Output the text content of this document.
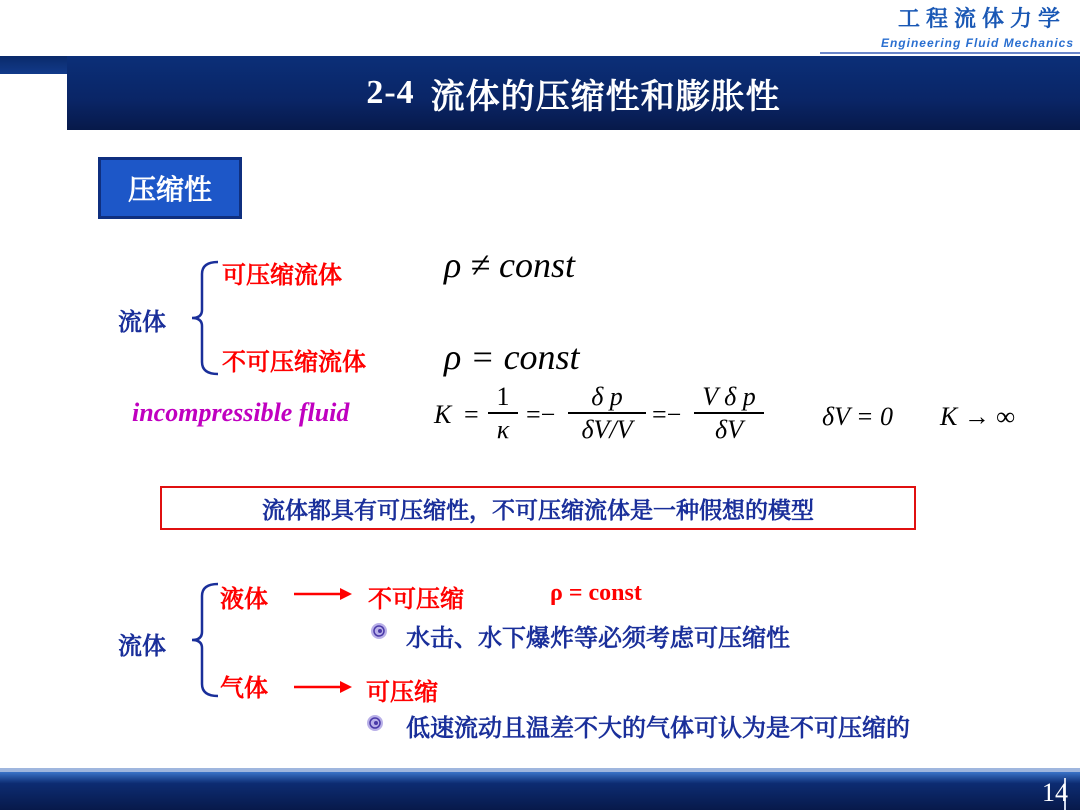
工程流体力学
Engineering Fluid Mechanics
2-4 流体的压缩性和膨胀性
压缩性
流体
可压缩流体
不可压缩流体
ρ ≠ const
ρ = const
incompressible fluid	K =
1
κ =−
δ p
δV/V =−
V δ p
δV	δV = 0 K → ∞
流体都具有可压缩性，不可压缩流体是一种假想的模型
流体
液体	不可压缩	ρ = const
水击、水下爆炸等必须考虑可压缩性
气体	可压缩
低速流动且温差不大的气体可认为是不可压缩的
14
